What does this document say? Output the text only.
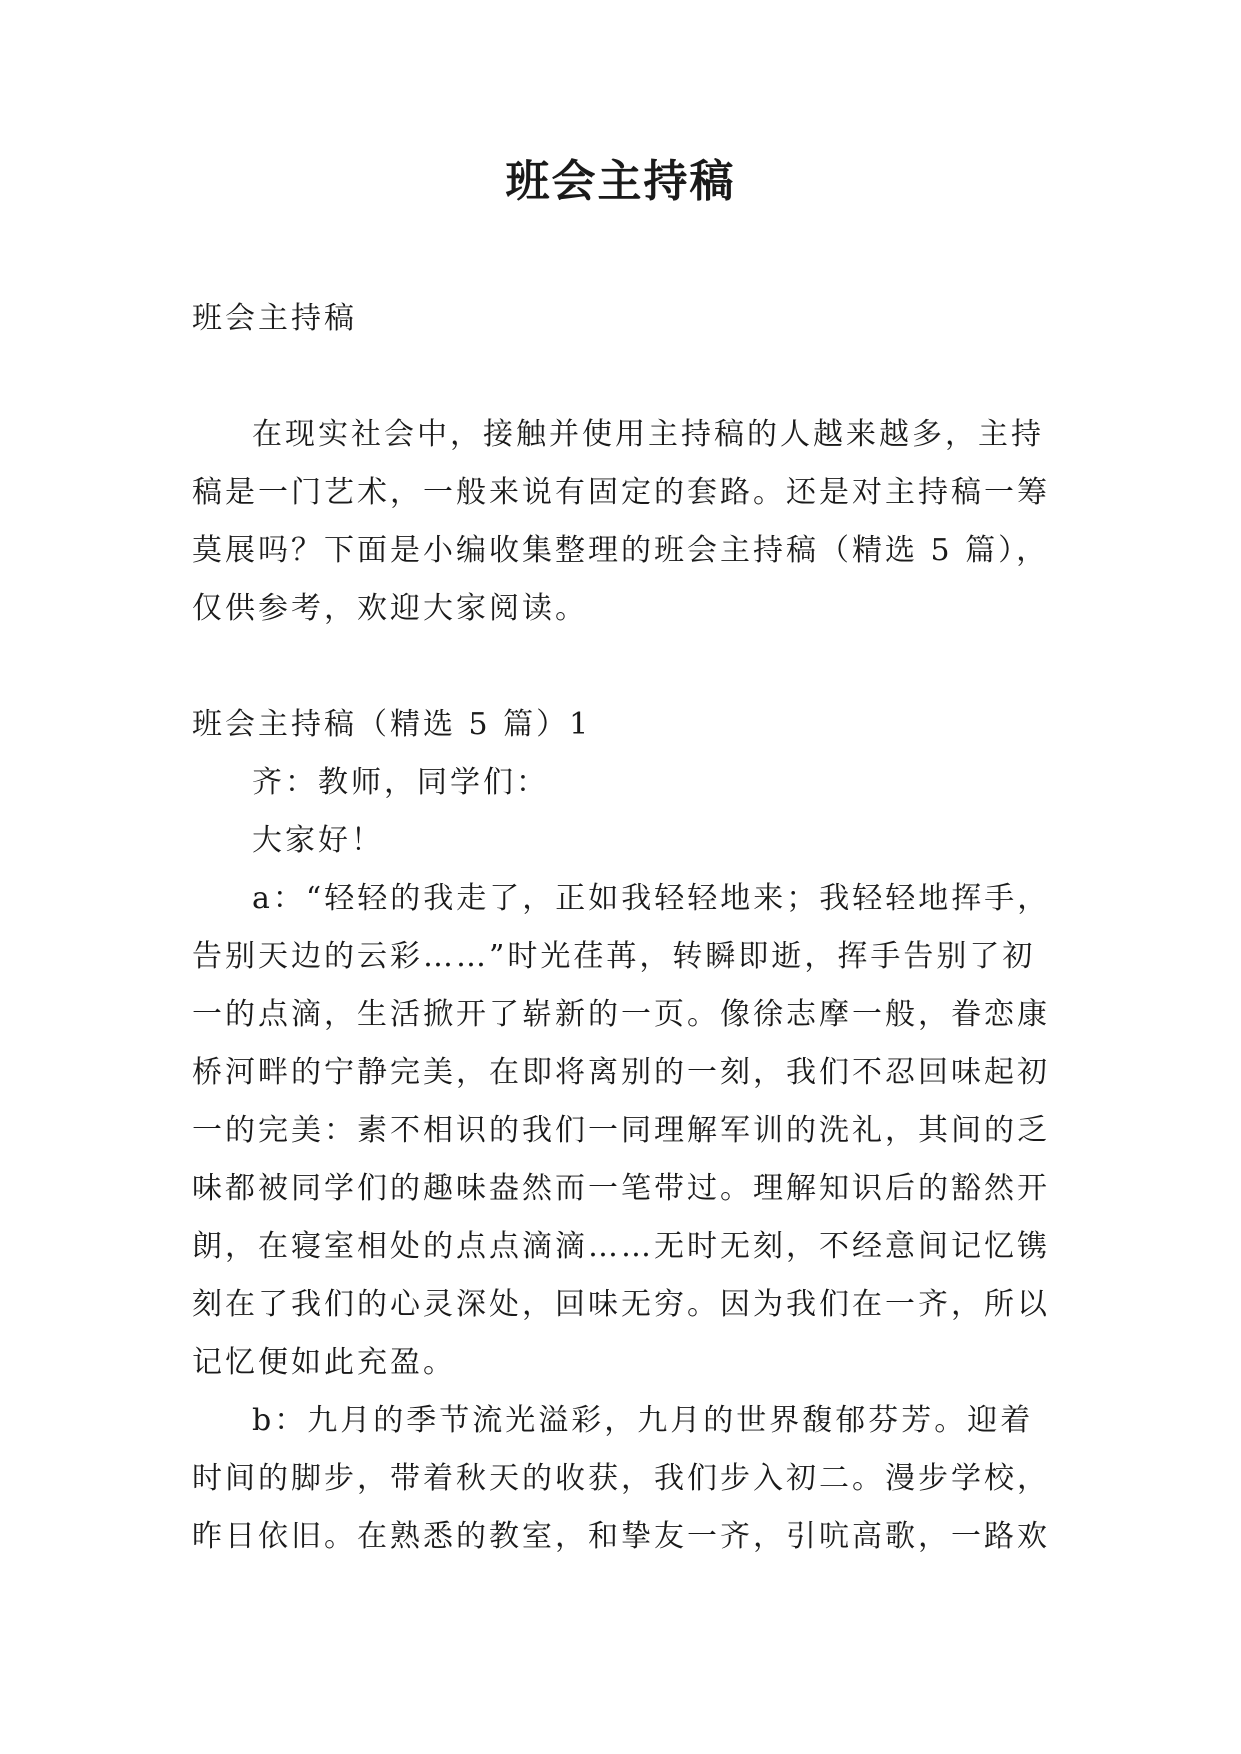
班会主持稿

班会主持稿

在现实社会中，接触并使用主持稿的人越来越多，主持稿是一门艺术，一般来说有固定的套路。还是对主持稿一筹莫展吗？下面是小编收集整理的班会主持稿（精选 5 篇），仅供参考，欢迎大家阅读。

班会主持稿（精选 5 篇）1

齐：教师，同学们：

大家好！

a：“轻轻的我走了，正如我轻轻地来；我轻轻地挥手，告别天边的云彩……”时光荏苒，转瞬即逝，挥手告别了初一的点滴，生活掀开了崭新的一页。像徐志摩一般，眷恋康桥河畔的宁静完美，在即将离别的一刻，我们不忍回味起初一的完美：素不相识的我们一同理解军训的洗礼，其间的乏味都被同学们的趣味盎然而一笔带过。理解知识后的豁然开朗，在寝室相处的点点滴滴……无时无刻，不经意间记忆镌刻在了我们的心灵深处，回味无穷。因为我们在一齐，所以记忆便如此充盈。

b：九月的季节流光溢彩，九月的世界馥郁芬芳。迎着时间的脚步，带着秋天的收获，我们步入初二。漫步学校，昨日依旧。在熟悉的教室，和挚友一齐，引吭高歌，一路欢
